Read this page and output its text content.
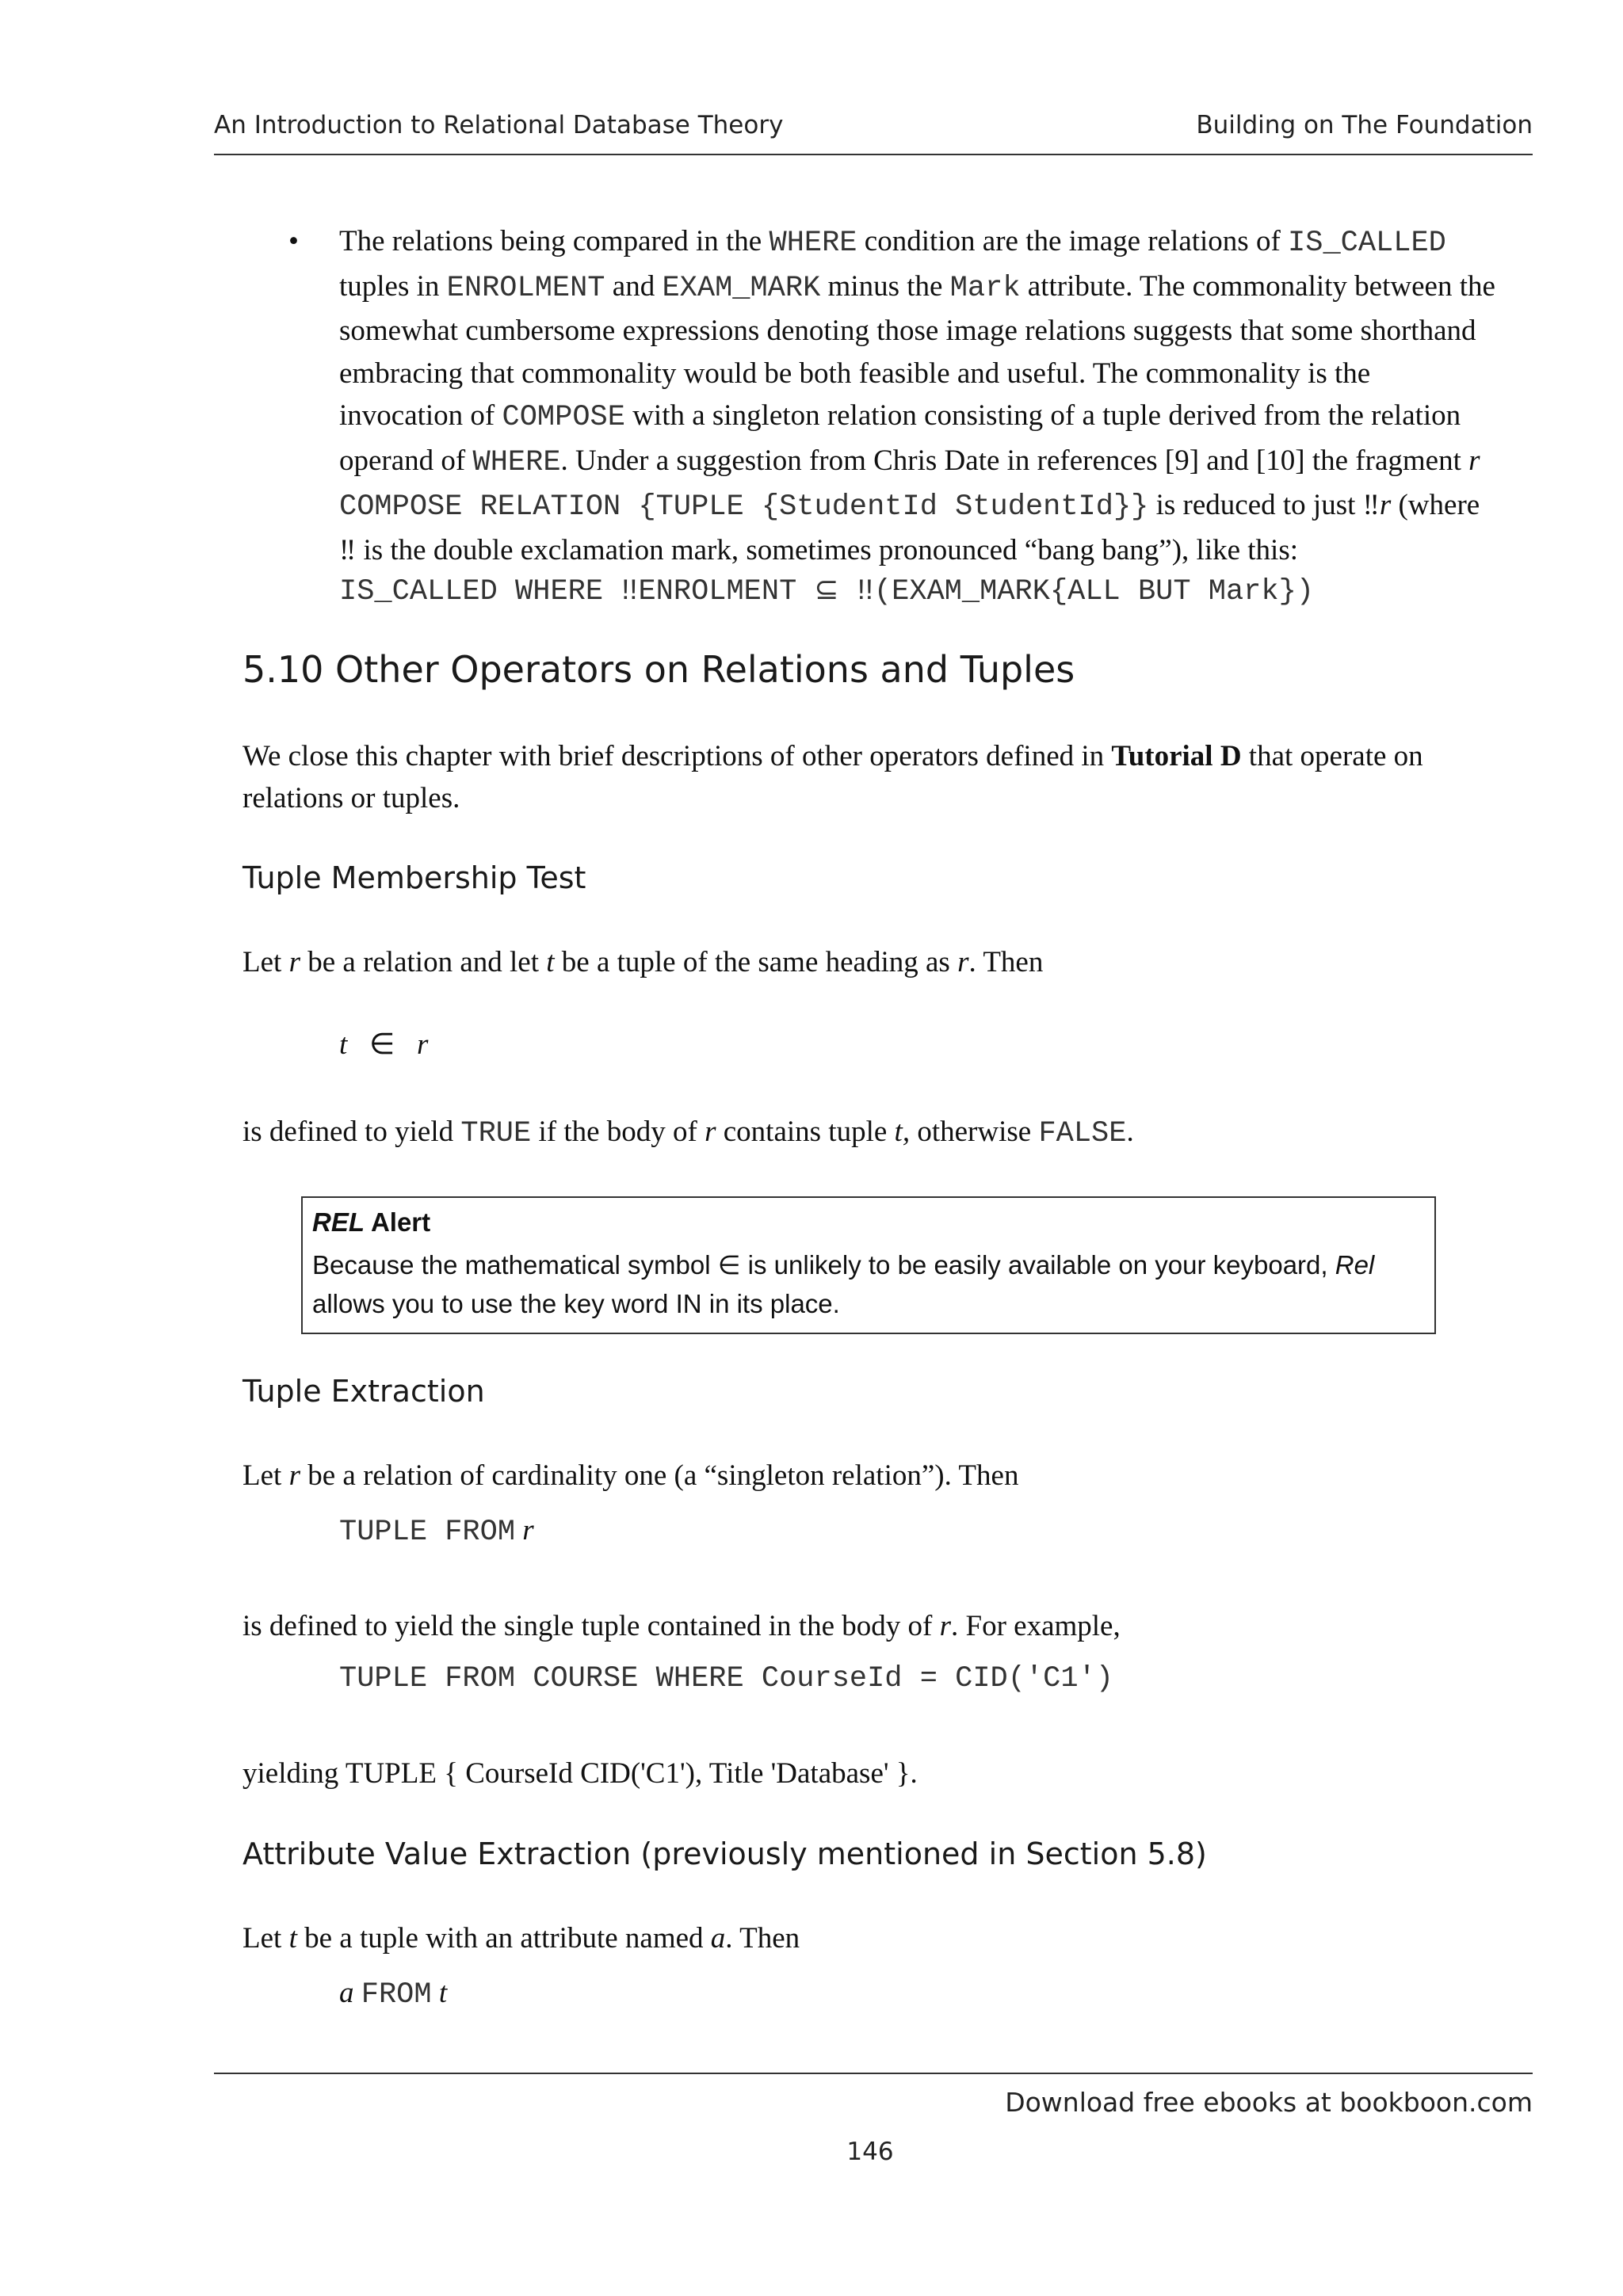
An Introduction to Relational Database Theory	Building on The Foundation
• The relations being compared in the WHERE condition are the image relations of IS_CALLED
tuples in ENROLMENT and EXAM_MARK minus the Mark attribute. The commonality between the
somewhat cumbersome expressions denoting those image relations suggests that some shorthand
embracing that commonality would be both feasible and useful. The commonality is the
invocation of COMPOSE with a singleton relation consisting of a tuple derived from the relation
operand of WHERE. Under a suggestion from Chris Date in references [9] and [10] the fragment r
COMPOSE RELATION {TUPLE {StudentId StudentId}} is reduced to just ‼r (where
‼ is the double exclamation mark, sometimes pronounced “bang bang”), like this:
IS_CALLED WHERE ‼ENROLMENT ⊆ ‼(EXAM_MARK{ALL BUT Mark})
5.10 Other Operators on Relations and Tuples
We close this chapter with brief descriptions of other operators defined in Tutorial D that operate on
relations or tuples.
Tuple Membership Test
Let r be a relation and let t be a tuple of the same heading as r. Then
t ∈ r
is defined to yield TRUE if the body of r contains tuple t, otherwise FALSE.
REL Alert
Because the mathematical symbol ∈ is unlikely to be easily available on your keyboard, Rel
allows you to use the key word IN in its place.
Tuple Extraction
Let r be a relation of cardinality one (a “singleton relation”). Then
TUPLE FROM r
is defined to yield the single tuple contained in the body of r. For example,
TUPLE FROM COURSE WHERE CourseId = CID('C1')
yielding TUPLE { CourseId CID('C1'), Title 'Database' }.
Attribute Value Extraction (previously mentioned in Section 5.8)
Let t be a tuple with an attribute named a. Then
a FROM t
Download free ebooks at bookboon.com
146
